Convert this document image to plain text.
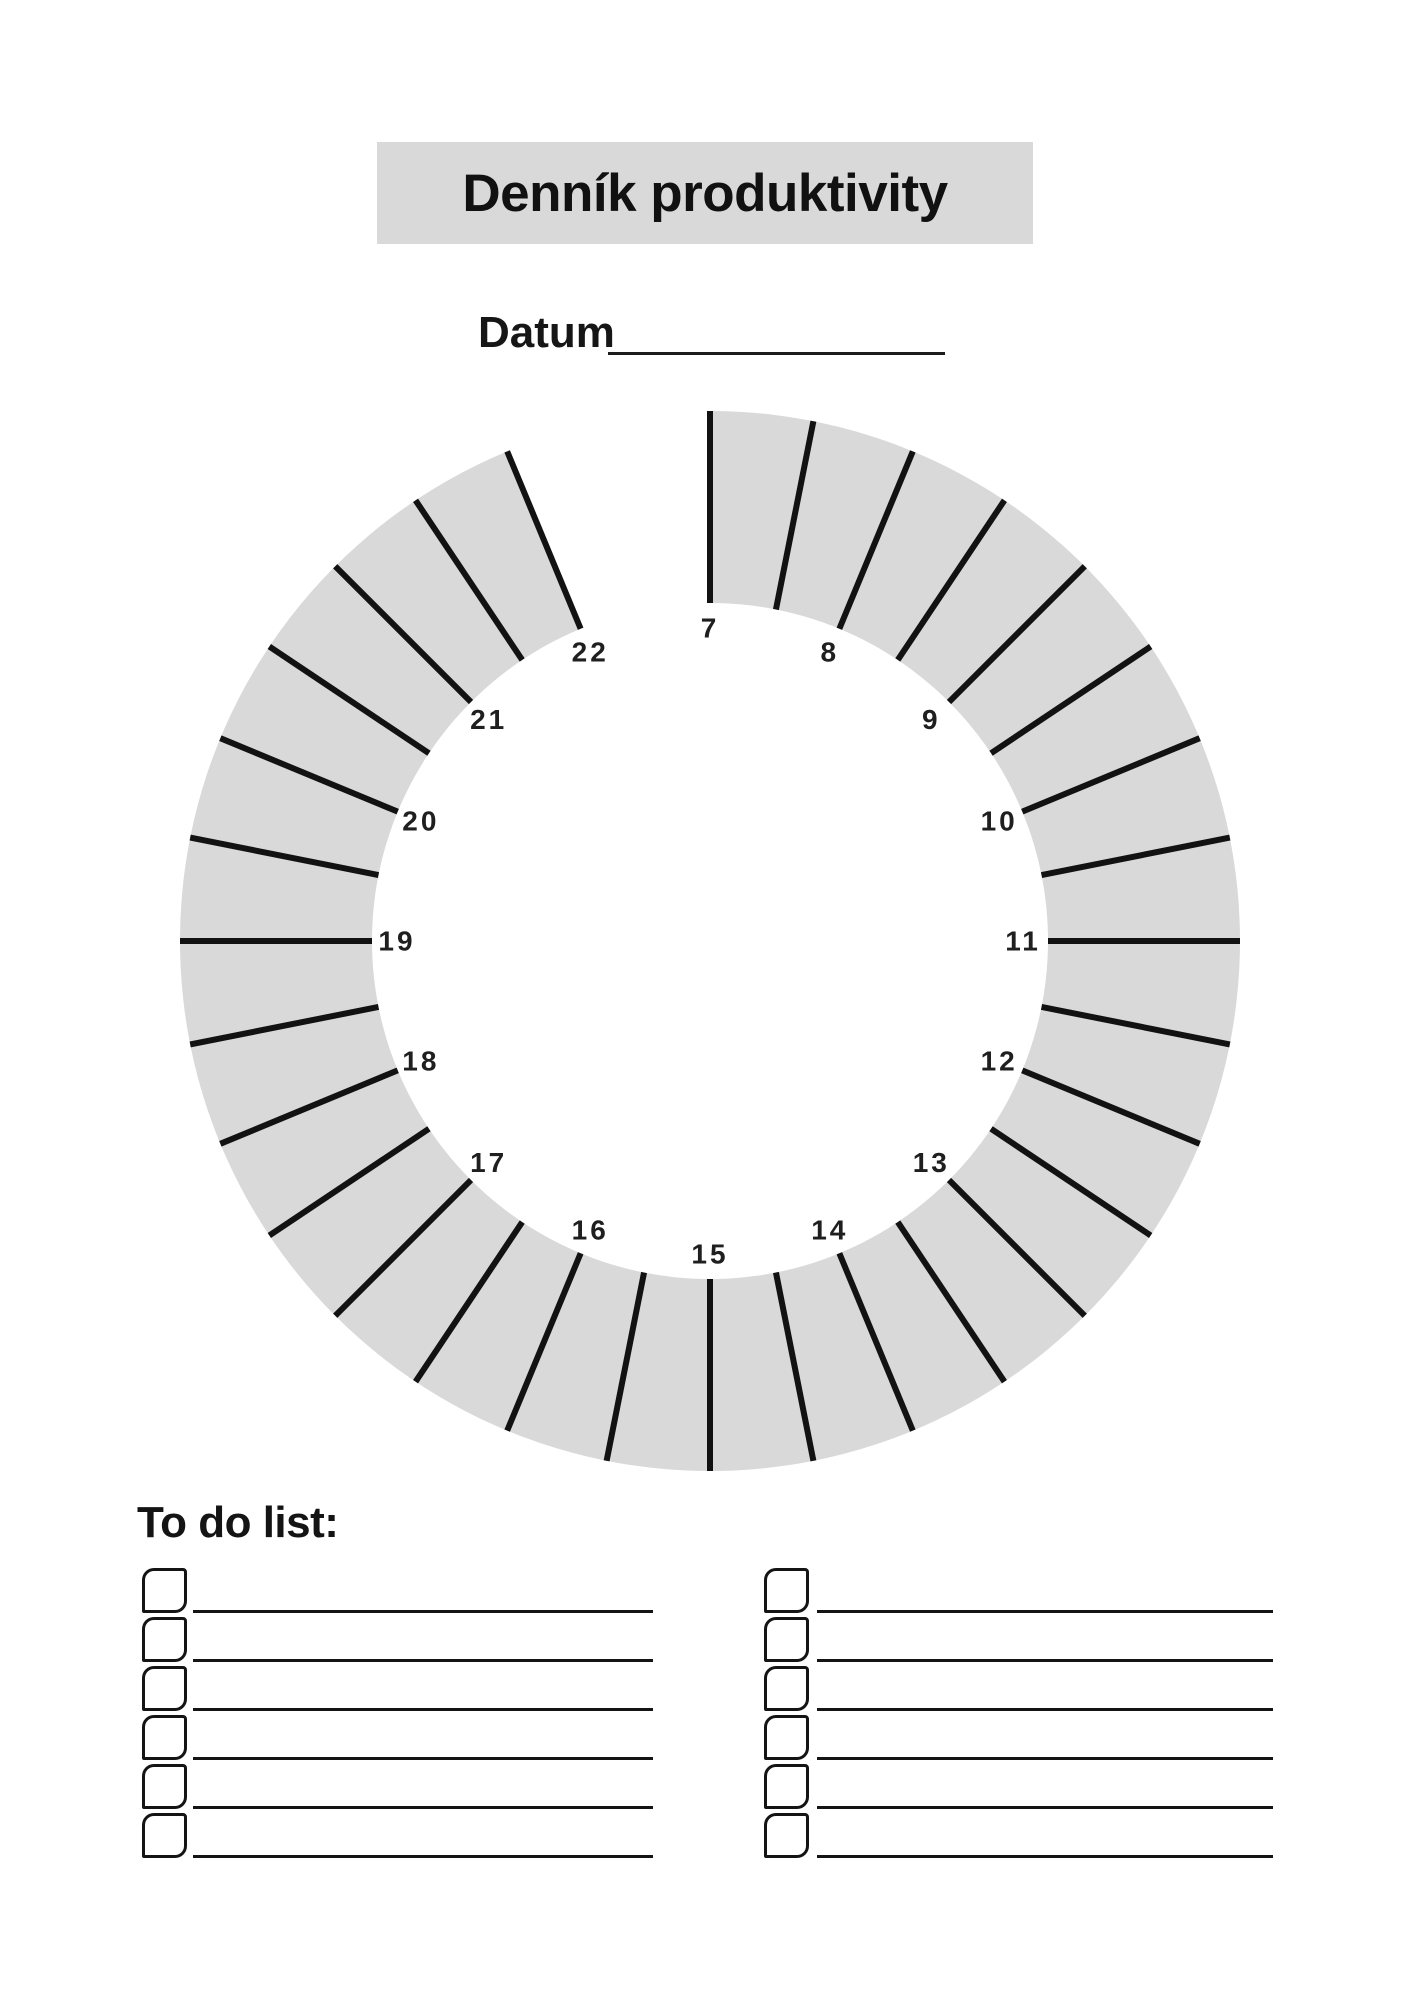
Denník produktivity
Datum
7
8
9
10
11
12
13
14
15
16
17
18
19
20
21
22
To do list:
